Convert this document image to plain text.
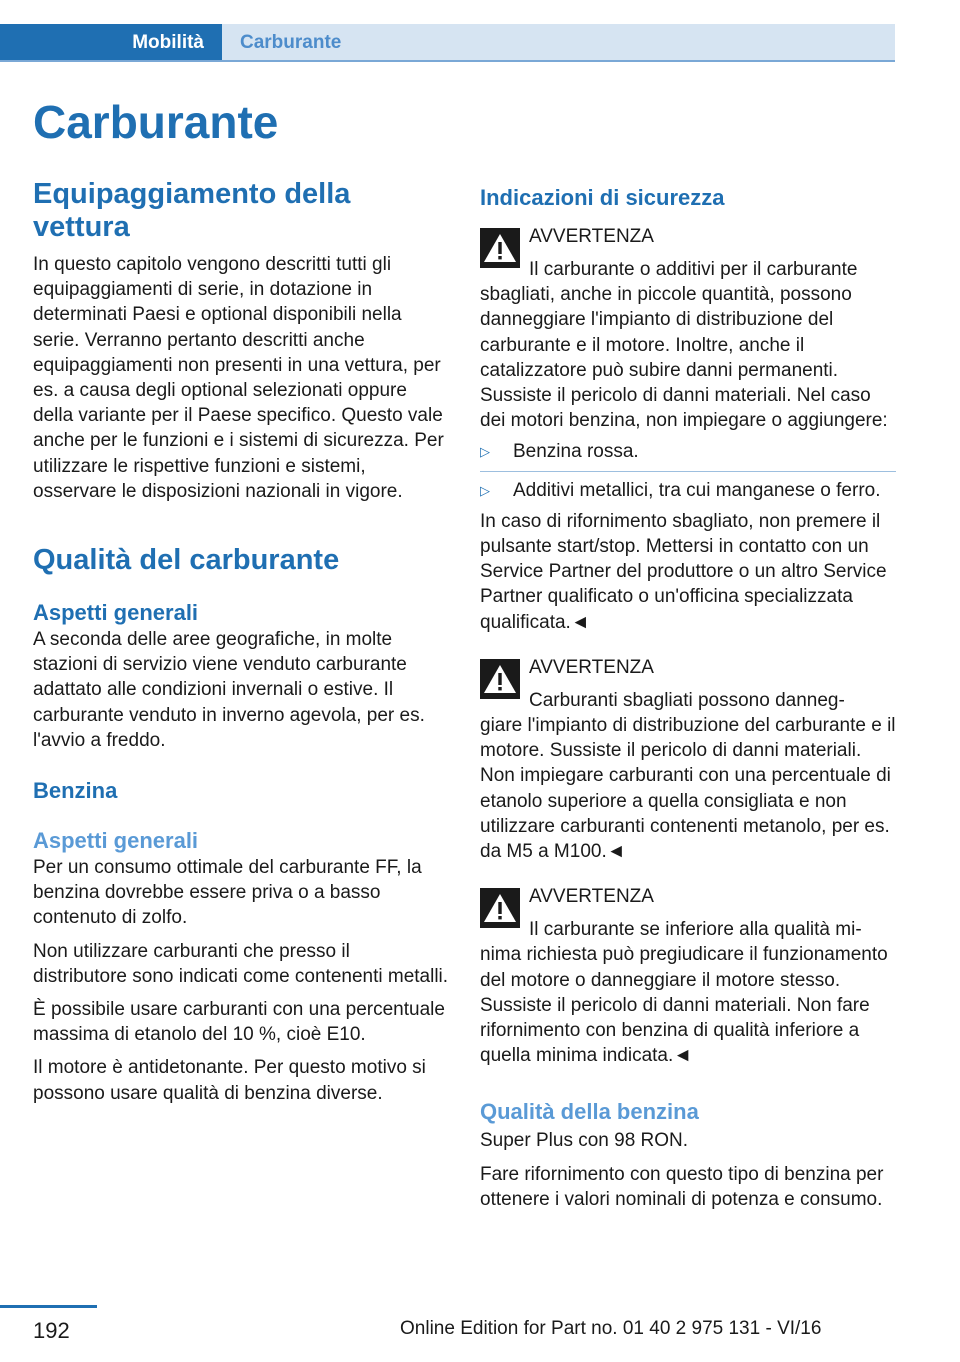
Mobilità	Carburante
Carburante
Equipaggiamento della vettura
In questo capitolo vengono descritti tutti gli equipaggiamenti di serie, in dotazione in determinati Paesi e optional disponibili nella serie. Verranno pertanto descritti anche equipaggiamenti non presenti in una vettura, per es. a causa degli optional selezionati oppure della variante per il Paese specifico. Questo vale anche per le funzioni e i sistemi di sicurezza. Per utilizzare le rispettive funzioni e sistemi, osservare le disposizioni nazionali in vigore.
Qualità del carburante
Aspetti generali
A seconda delle aree geografiche, in molte stazioni di servizio viene venduto carburante adattato alle condizioni invernali o estive. Il carburante venduto in inverno agevola, per es. l'avvio a freddo.
Benzina
Aspetti generali
Per un consumo ottimale del carburante FF, la benzina dovrebbe essere priva o a basso contenuto di zolfo.
Non utilizzare carburanti che presso il distributore sono indicati come contenenti metalli.
È possibile usare carburanti con una percentuale massima di etanolo del 10 %, cioè E10.
Il motore è antidetonante. Per questo motivo si possono usare qualità di benzina diverse.
Indicazioni di sicurezza
AVVERTENZA
Il carburante o additivi per il carburante
sbagliati, anche in piccole quantità, possono danneggiare l'impianto di distribuzione del carburante e il motore. Inoltre, anche il catalizzatore può subire danni permanenti. Sussiste il pericolo di danni materiali. Nel caso dei motori benzina, non impiegare o aggiungere:
▷ Benzina rossa.
▷ Additivi metallici, tra cui manganese o ferro.
In caso di rifornimento sbagliato, non premere il pulsante start/stop. Mettersi in contatto con un Service Partner del produttore o un altro Service Partner qualificato o un'officina specializzata qualificata.◄
AVVERTENZA
Carburanti sbagliati possono danneg-
giare l'impianto di distribuzione del carburante e il motore. Sussiste il pericolo di danni materiali. Non impiegare carburanti con una percentuale di etanolo superiore a quella consigliata e non utilizzare carburanti contenenti metanolo, per es. da M5 a M100.◄
AVVERTENZA
Il carburante se inferiore alla qualità mi-
nima richiesta può pregiudicare il funzionamento del motore o danneggiare il motore stesso. Sussiste il pericolo di danni materiali. Non fare rifornimento con benzina di qualità inferiore a quella minima indicata.◄
Qualità della benzina
Super Plus con 98 RON.
Fare rifornimento con questo tipo di benzina per ottenere i valori nominali di potenza e consumo.
192	Online Edition for Part no. 01 40 2 975 131 - VI/16
